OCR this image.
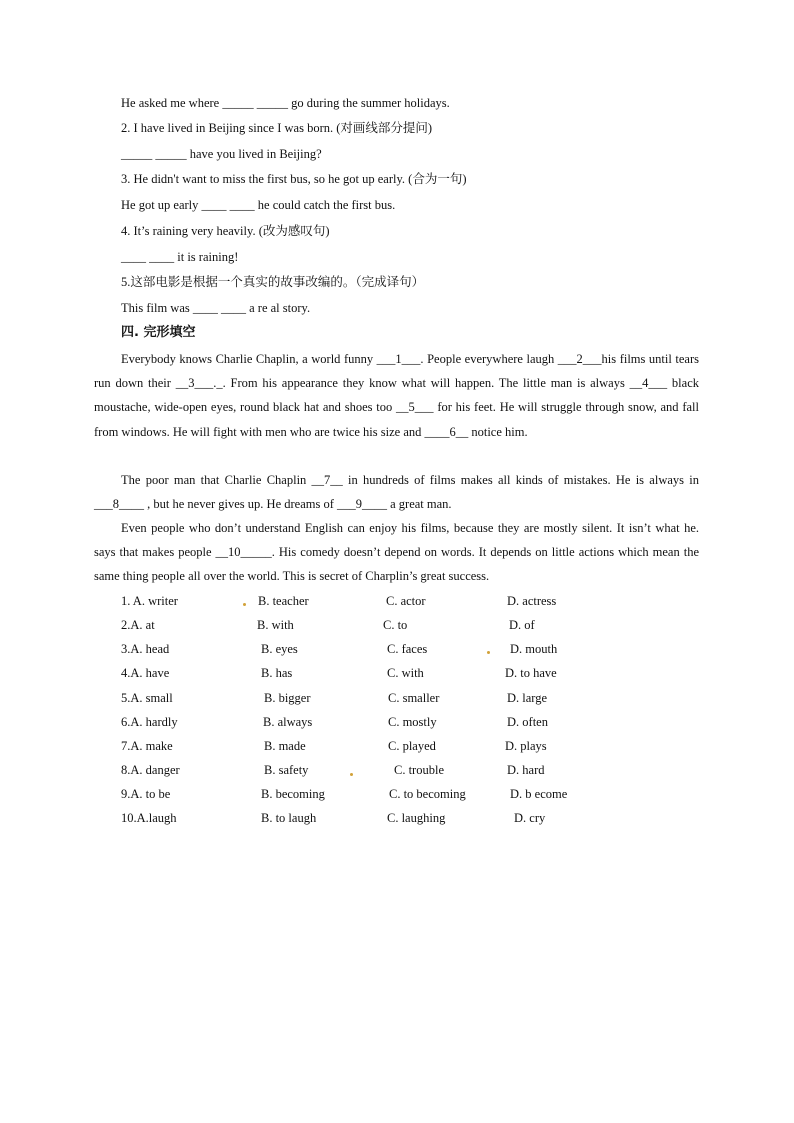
He asked me where _____ _____ go during the summer holidays.
2. I have lived in Beijing since I was born. (对画线部分提问)
_____ _____ have you lived in Beijing?
3. He didn't want to miss the first bus, so he got up early. (合为一句)
He got up early ____ ____ he could catch the first bus.
4. It’s raining very heavily. (改为感叹句)
____ ____ it is raining!
5.这部电影是根据一个真实的故事改编的。（完成译句）
This film was ____ ____ a re al story.
四. 完形填空
Everybody knows Charlie Chaplin, a world funny ___1___. People everywhere laugh ___2___his films until tears run down their __3___._. From his appearance they know what will happen. The little man is always __4___ black moustache, wide-open eyes, round black hat and shoes too __5___ for his feet. He will struggle through snow, and fall from windows. He will fight with men who are twice his size and ____6__ notice him.
The poor man that Charlie Chaplin __7__ in hundreds of films makes all kinds of mistakes. He is always in ___8____ , but he never gives up. He dreams of ___9____ a great man.
Even people who don’t understand English can enjoy his films, because they are mostly silent. It isn’t what he. says that makes people __10_____. His comedy doesn’t depend on words. It depends on little actions which mean the same thing people all over the world. This is secret of Charplin’s great success.
1. A. writer	B. teacher	C. actor	D. actress
2.A. at	B. with	C. to	D. of
3.A. head	B. eyes	C. faces	D. mouth
4.A. have	B. has	C. with	D. to have
5.A. small	B. bigger	C. smaller	D. large
6.A. hardly	B. always	C. mostly	D. often
7.A. make	B. made	C. played	D. plays
8.A. danger	B. safety	C. trouble	D. hard
9.A. to be	B. becoming	C. to becoming	D. b ecome
10.A.laugh	B. to laugh	C. laughing	D. cry
